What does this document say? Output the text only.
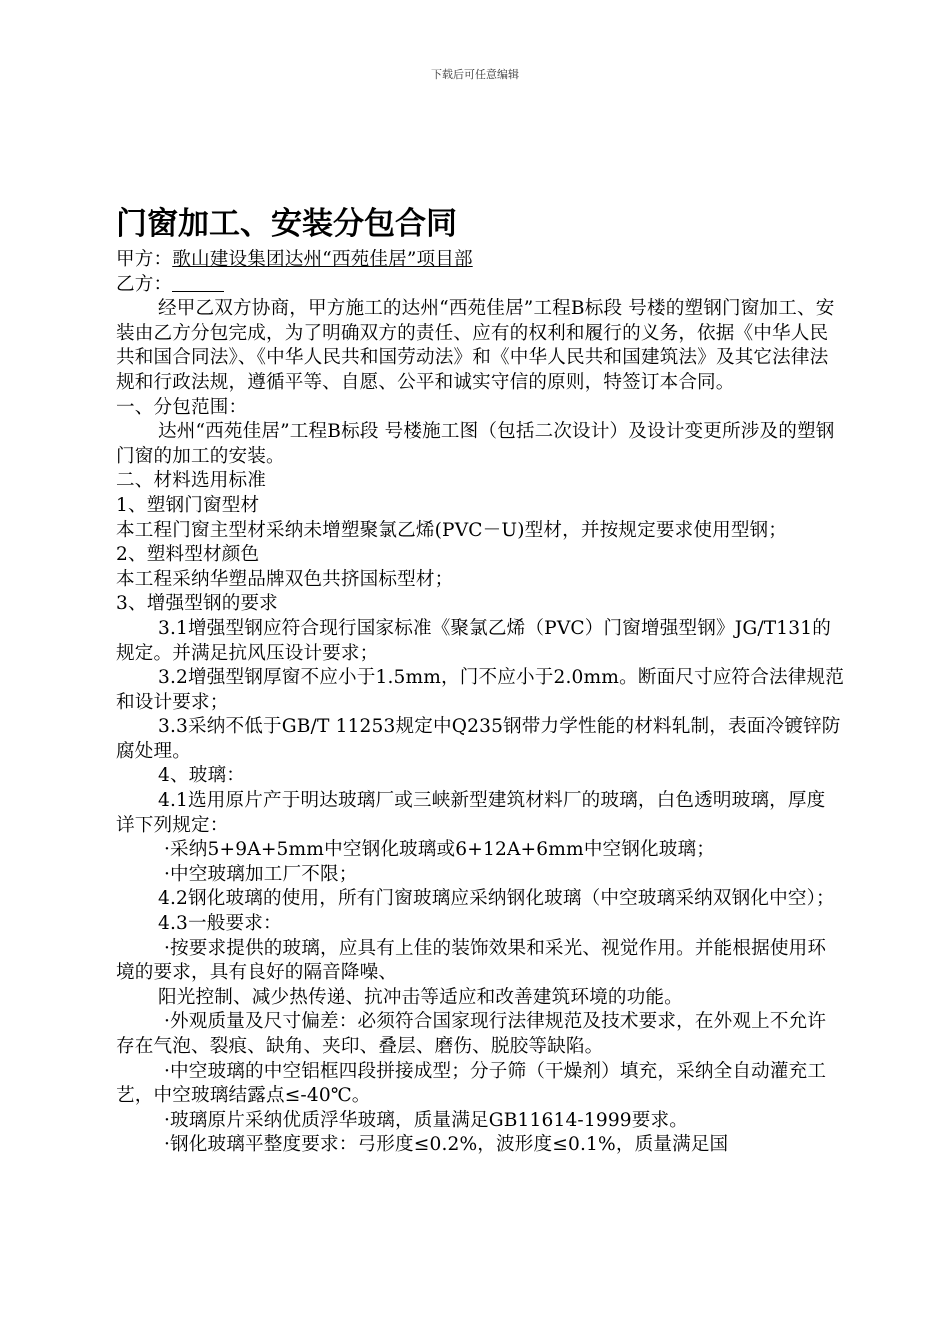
下载后可任意编辑
门窗加工、安装分包合同

甲方：歌山建设集团达州“西苑佳居”项目部

乙方：

经甲乙双方协商，甲方施工的达州“西苑佳居”工程B标段 号楼的塑钢门窗加工、安装由乙方分包完成，为了明确双方的责任、应有的权利和履行的义务，依据《中华人民共和国合同法》、《中华人民共和国劳动法》和《中华人民共和国建筑法》及其它法律法规和行政法规，遵循平等、自愿、公平和诚实守信的原则，特签订本合同。

一、分包范围：

达州“西苑佳居”工程B标段 号楼施工图（包括二次设计）及设计变更所涉及的塑钢门窗的加工的安装。

二、材料选用标准

1、塑钢门窗型材

本工程门窗主型材采纳未增塑聚氯乙烯(PVC－U)型材，并按规定要求使用型钢；

2、塑料型材颜色

本工程采纳华塑品牌双色共挤国标型材；

3、增强型钢的要求

3.1增强型钢应符合现行国家标准《聚氯乙烯（PVC）门窗增强型钢》JG/T131的规定。并满足抗风压设计要求；

3.2增强型钢厚窗不应小于1.5mm，门不应小于2.0mm。断面尺寸应符合法律规范和设计要求；

3.3采纳不低于GB/T 11253规定中Q235钢带力学性能的材料轧制，表面冷镀锌防腐处理。

4、玻璃：

4.1选用原片产于明达玻璃厂或三峡新型建筑材料厂的玻璃，白色透明玻璃，厚度详下列规定：

·采纳5+9A+5mm中空钢化玻璃或6+12A+6mm中空钢化玻璃；

·中空玻璃加工厂不限；

4.2钢化玻璃的使用，所有门窗玻璃应采纳钢化玻璃（中空玻璃采纳双钢化中空）；

4.3一般要求：

·按要求提供的玻璃，应具有上佳的装饰效果和采光、视觉作用。并能根据使用环境的要求，具有良好的隔音降噪、

阳光控制、减少热传递、抗冲击等适应和改善建筑环境的功能。

·外观质量及尺寸偏差：必须符合国家现行法律规范及技术要求，在外观上不允许存在气泡、裂痕、缺角、夹印、叠层、磨伤、脱胶等缺陷。

·中空玻璃的中空铝框四段拼接成型；分子筛（干燥剂）填充，采纳全自动灌充工艺，中空玻璃结露点≤-40℃。

·玻璃原片采纳优质浮华玻璃，质量满足GB11614-1999要求。

·钢化玻璃平整度要求：弓形度≤0.2%，波形度≤0.1%，质量满足国
